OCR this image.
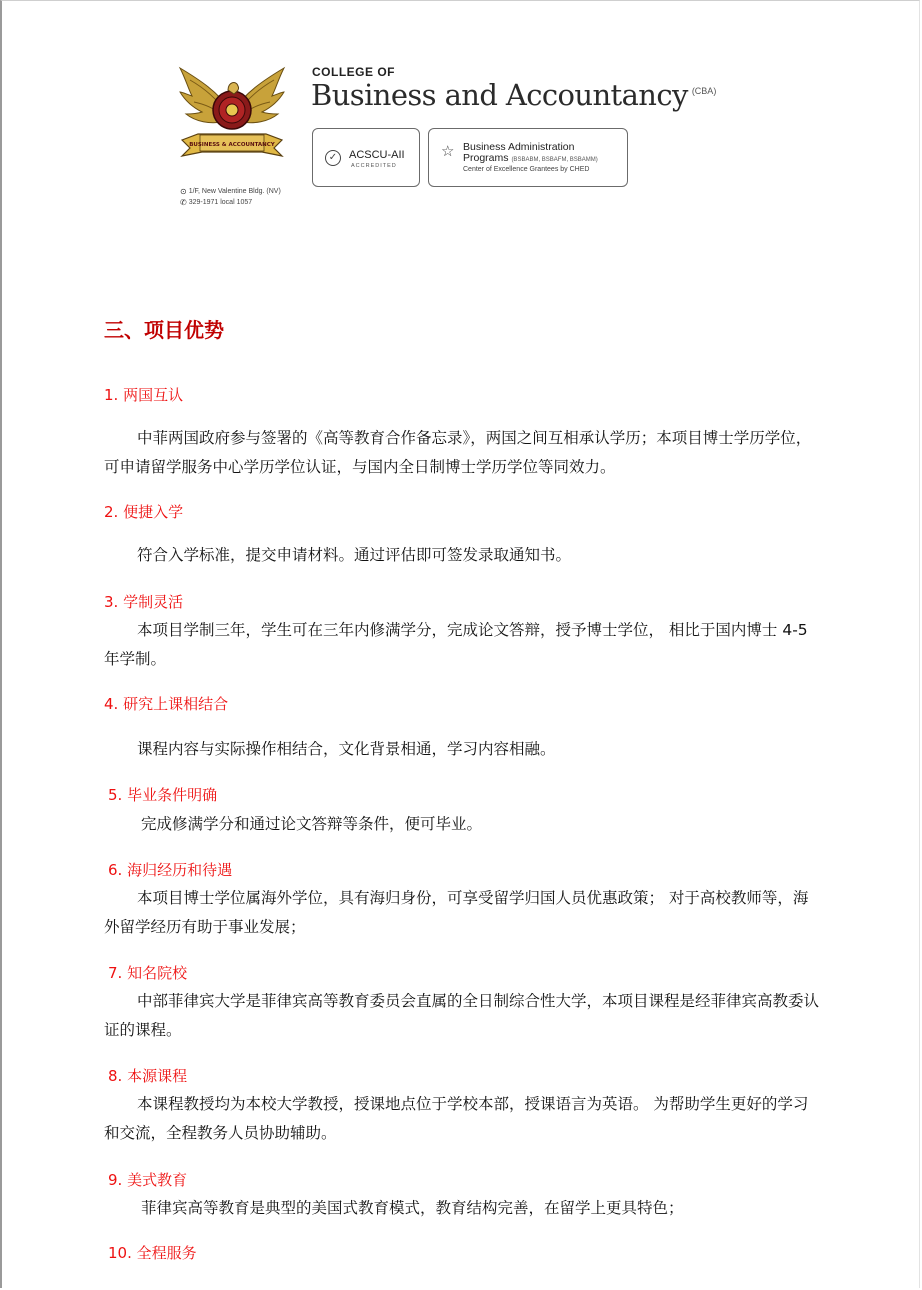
BUSINESS & ACCOUNTANCY
⊙ 1/F, New Valentine Bldg. (NV)
✆ 329-1971 local 1057
COLLEGE OF
Business and Accountancy $^{(CBA)}$
✓	ACSCU-AII
ACCREDITED
☆ Business Administration
Programs (BSBABM, BSBAFM, BSBAMM)
Center of Excellence Grantees by CHED
三、项目优势
1. 两国互认

中菲两国政府参与签署的《高等教育合作备忘录》，两国之间互相承认学历；本项目博士学历学位，可申请留学服务中心学历学位认证，与国内全日制博士学历学位等同效力。

2. 便捷入学

符合入学标准，提交申请材料。通过评估即可签发录取通知书。

3. 学制灵活

本项目学制三年，学生可在三年内修满学分，完成论文答辩，授予博士学位， 相比于国内博士 4-5 年学制。

4. 研究上课相结合

课程内容与实际操作相结合，文化背景相通，学习内容相融。

5. 毕业条件明确

完成修满学分和通过论文答辩等条件，便可毕业。

6. 海归经历和待遇

本项目博士学位属海外学位，具有海归身份，可享受留学归国人员优惠政策； 对于高校教师等，海外留学经历有助于事业发展；

7. 知名院校

中部菲律宾大学是菲律宾高等教育委员会直属的全日制综合性大学，本项目课程是经菲律宾高教委认证的课程。

8. 本源课程

本课程教授均为本校大学教授，授课地点位于学校本部，授课语言为英语。 为帮助学生更好的学习和交流，全程教务人员协助辅助。

9. 美式教育

菲律宾高等教育是典型的美国式教育模式，教育结构完善，在留学上更具特色；

10. 全程服务
